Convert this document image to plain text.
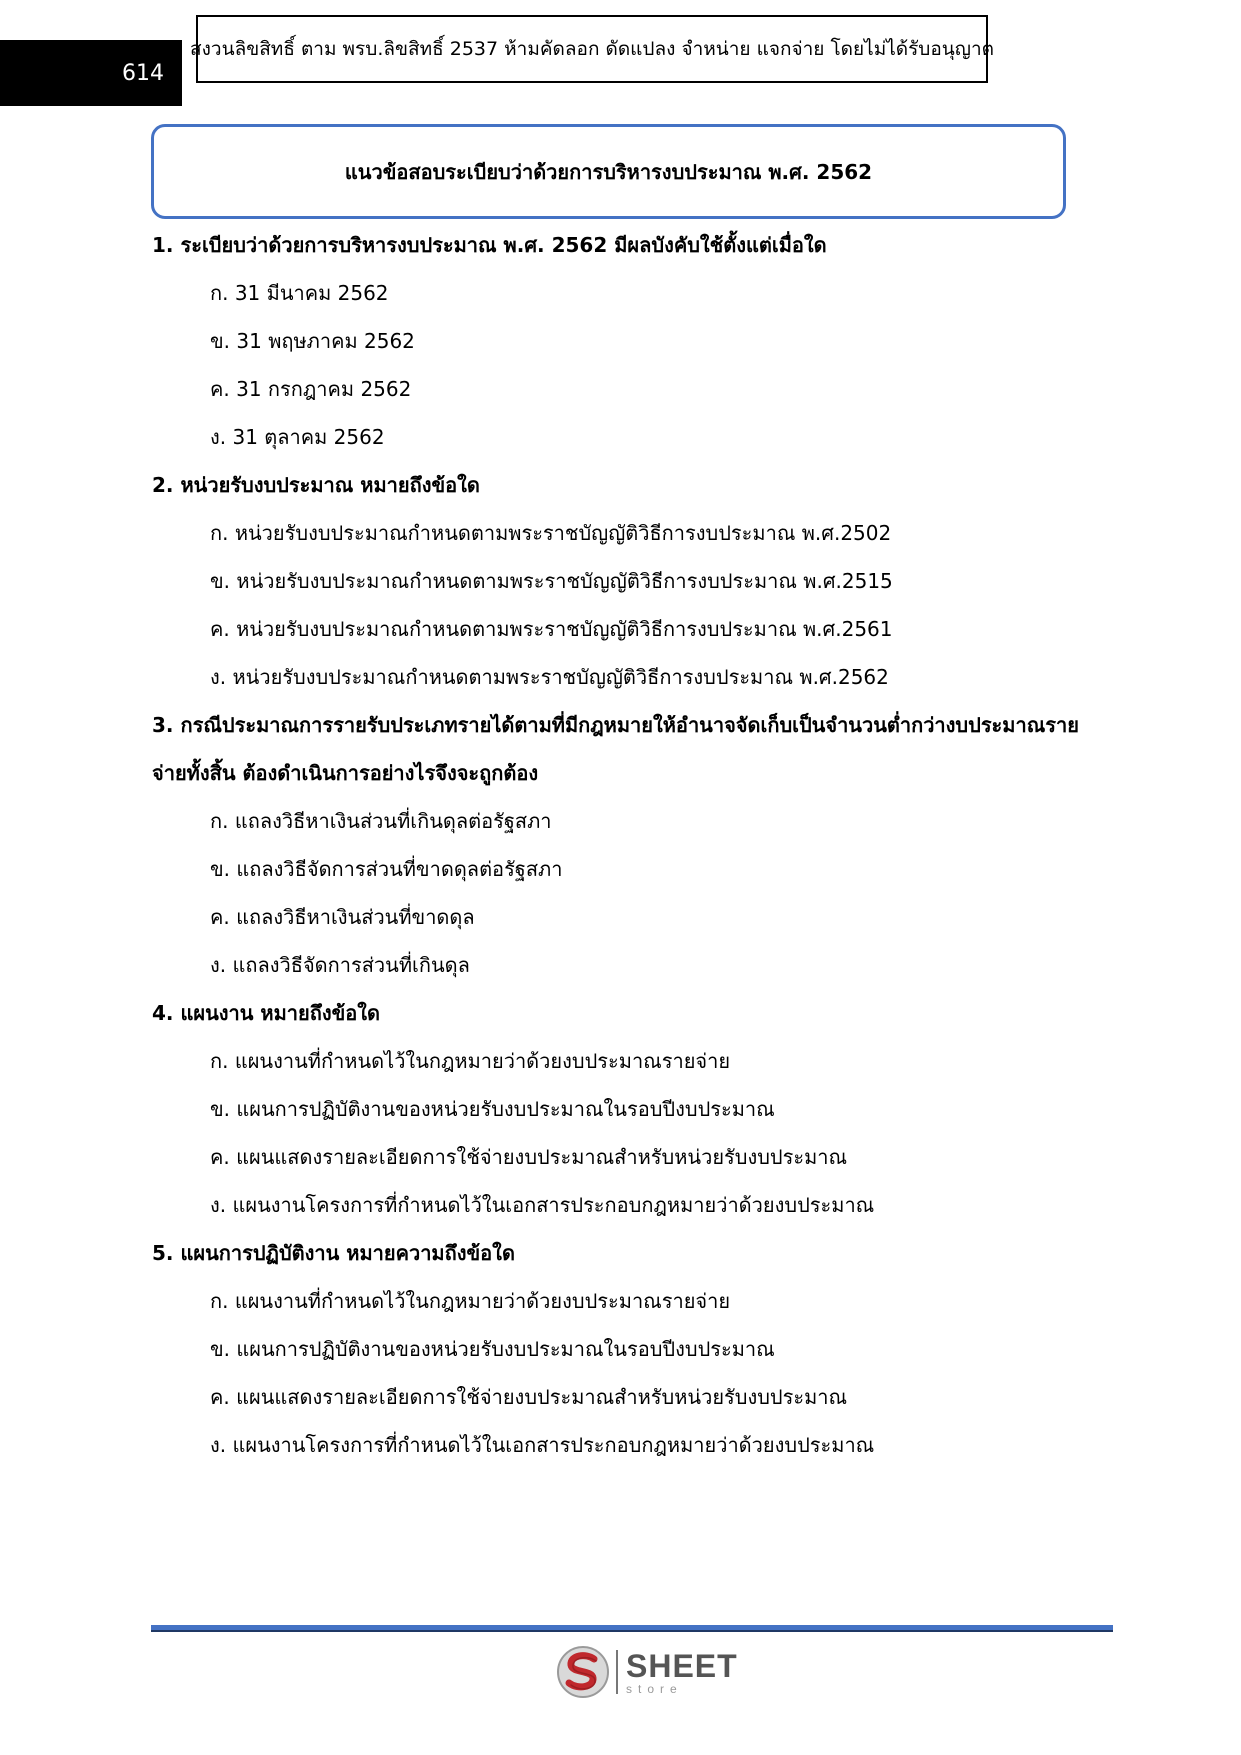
614
สงวนลิขสิทธิ์ ตาม พรบ.ลิขสิทธิ์ 2537 ห้ามคัดลอก ดัดแปลง จำหน่าย แจกจ่าย โดยไม่ได้รับอนุญาต
แนวข้อสอบระเบียบว่าด้วยการบริหารงบประมาณ พ.ศ. 2562
1. ระเบียบว่าด้วยการบริหารงบประมาณ พ.ศ. 2562 มีผลบังคับใช้ตั้งแต่เมื่อใด
ก. 31 มีนาคม 2562
ข. 31 พฤษภาคม 2562
ค. 31 กรกฎาคม 2562
ง. 31 ตุลาคม 2562
2. หน่วยรับงบประมาณ หมายถึงข้อใด
ก. หน่วยรับงบประมาณกำหนดตามพระราชบัญญัติวิธีการงบประมาณ พ.ศ.2502
ข. หน่วยรับงบประมาณกำหนดตามพระราชบัญญัติวิธีการงบประมาณ พ.ศ.2515
ค. หน่วยรับงบประมาณกำหนดตามพระราชบัญญัติวิธีการงบประมาณ พ.ศ.2561
ง. หน่วยรับงบประมาณกำหนดตามพระราชบัญญัติวิธีการงบประมาณ พ.ศ.2562
3. กรณีประมาณการรายรับประเภทรายได้ตามที่มีกฎหมายให้อำนาจจัดเก็บเป็นจำนวนต่ำกว่างบประมาณรายจ่ายทั้งสิ้น ต้องดำเนินการอย่างไรจึงจะถูกต้อง
ก. แถลงวิธีหาเงินส่วนที่เกินดุลต่อรัฐสภา
ข. แถลงวิธีจัดการส่วนที่ขาดดุลต่อรัฐสภา
ค. แถลงวิธีหาเงินส่วนที่ขาดดุล
ง. แถลงวิธีจัดการส่วนที่เกินดุล
4. แผนงาน หมายถึงข้อใด
ก. แผนงานที่กำหนดไว้ในกฎหมายว่าด้วยงบประมาณรายจ่าย
ข. แผนการปฏิบัติงานของหน่วยรับงบประมาณในรอบปีงบประมาณ
ค. แผนแสดงรายละเอียดการใช้จ่ายงบประมาณสำหรับหน่วยรับงบประมาณ
ง. แผนงานโครงการที่กำหนดไว้ในเอกสารประกอบกฎหมายว่าด้วยงบประมาณ
5. แผนการปฏิบัติงาน หมายความถึงข้อใด
ก. แผนงานที่กำหนดไว้ในกฎหมายว่าด้วยงบประมาณรายจ่าย
ข. แผนการปฏิบัติงานของหน่วยรับงบประมาณในรอบปีงบประมาณ
ค. แผนแสดงรายละเอียดการใช้จ่ายงบประมาณสำหรับหน่วยรับงบประมาณ
ง. แผนงานโครงการที่กำหนดไว้ในเอกสารประกอบกฎหมายว่าด้วยงบประมาณ
SHEET
store
